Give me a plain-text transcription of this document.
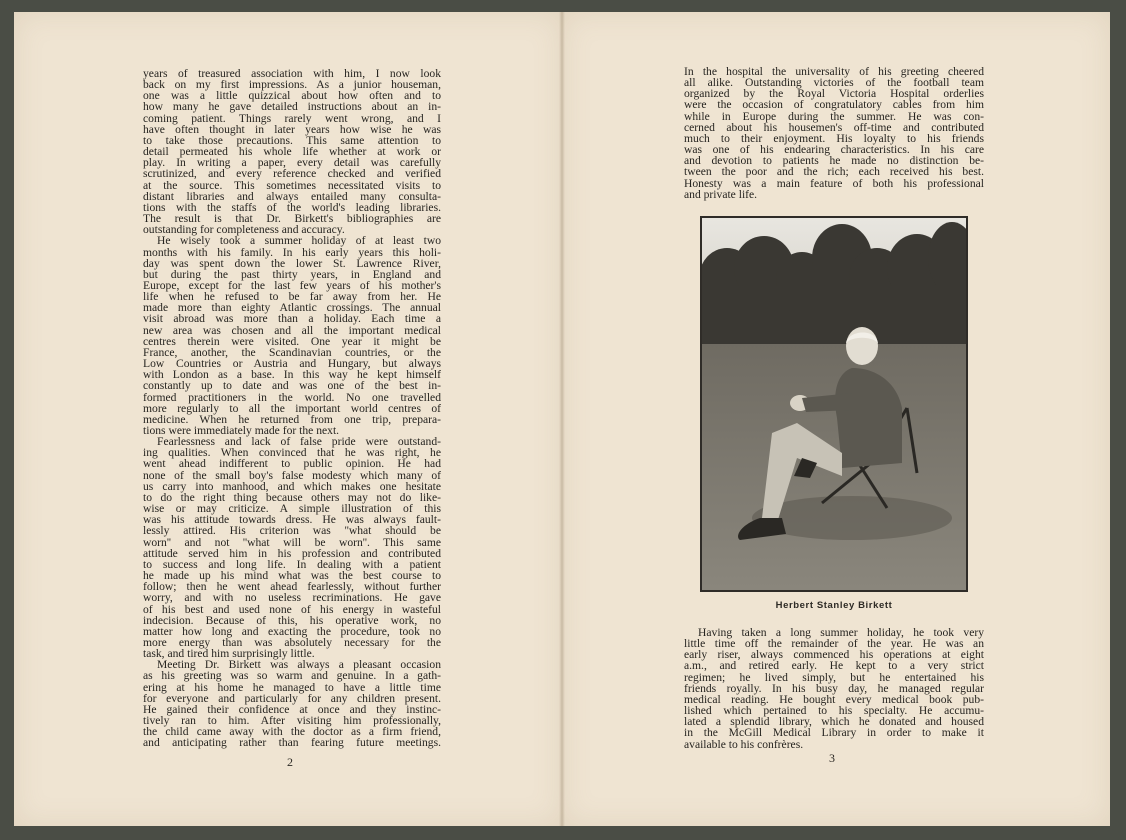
years of treasured association with him, I now look
back on my first impressions. As a junior houseman,
one was a little quizzical about how often and to
how many he gave detailed instructions about an in-
coming patient. Things rarely went wrong, and I
have often thought in later years how wise he was
to take those precautions. This same attention to
detail permeated his whole life whether at work or
play. In writing a paper, every detail was carefully
scrutinized, and every reference checked and verified
at the source. This sometimes necessitated visits to
distant libraries and always entailed many consulta-
tions with the staffs of the world's leading libraries.
The result is that Dr. Birkett's bibliographies are
outstanding for completeness and accuracy.
He wisely took a summer holiday of at least two
months with his family. In his early years this holi-
day was spent down the lower St. Lawrence River,
but during the past thirty years, in England and
Europe, except for the last few years of his mother's
life when he refused to be far away from her. He
made more than eighty Atlantic crossings. The annual
visit abroad was more than a holiday. Each time a
new area was chosen and all the important medical
centres therein were visited. One year it might be
France, another, the Scandinavian countries, or the
Low Countries or Austria and Hungary, but always
with London as a base. In this way he kept himself
constantly up to date and was one of the best in-
formed practitioners in the world. No one travelled
more regularly to all the important world centres of
medicine. When he returned from one trip, prepara-
tions were immediately made for the next.
Fearlessness and lack of false pride were outstand-
ing qualities. When convinced that he was right, he
went ahead indifferent to public opinion. He had
none of the small boy's false modesty which many of
us carry into manhood, and which makes one hesitate
to do the right thing because others may not do like-
wise or may criticize. A simple illustration of this
was his attitude towards dress. He was always fault-
lessly attired. His criterion was ''what should be
worn'' and not ''what will be worn''. This same
attitude served him in his profession and contributed
to success and long life. In dealing with a patient
he made up his mind what was the best course to
follow; then he went ahead fearlessly, without further
worry, and with no useless recriminations. He gave
of his best and used none of his energy in wasteful
indecision. Because of this, his operative work, no
matter how long and exacting the procedure, took no
more energy than was absolutely necessary for the
task, and tired him surprisingly little.
Meeting Dr. Birkett was always a pleasant occasion
as his greeting was so warm and genuine. In a gath-
ering at his home he managed to have a little time
for everyone and particularly for any children present.
He gained their confidence at once and they instinc-
tively ran to him. After visiting him professionally,
the child came away with the doctor as a firm friend,
and anticipating rather than fearing future meetings.
2
In the hospital the universality of his greeting cheered
all alike. Outstanding victories of the football team
organized by the Royal Victoria Hospital orderlies
were the occasion of congratulatory cables from him
while in Europe during the summer. He was con-
cerned about his housemen's off-time and contributed
much to their enjoyment. His loyalty to his friends
was one of his endearing characteristics. In his care
and devotion to patients he made no distinction be-
tween the poor and the rich; each received his best.
Honesty was a main feature of both his professional
and private life.
Herbert Stanley Birkett
Having taken a long summer holiday, he took very
little time off the remainder of the year. He was an
early riser, always commenced his operations at eight
a.m., and retired early. He kept to a very strict
regimen; he lived simply, but he entertained his
friends royally. In his busy day, he managed regular
medical reading. He bought every medical book pub-
lished which pertained to his specialty. He accumu-
lated a splendid library, which he donated and housed
in the McGill Medical Library in order to make it
available to his confrères.
3
